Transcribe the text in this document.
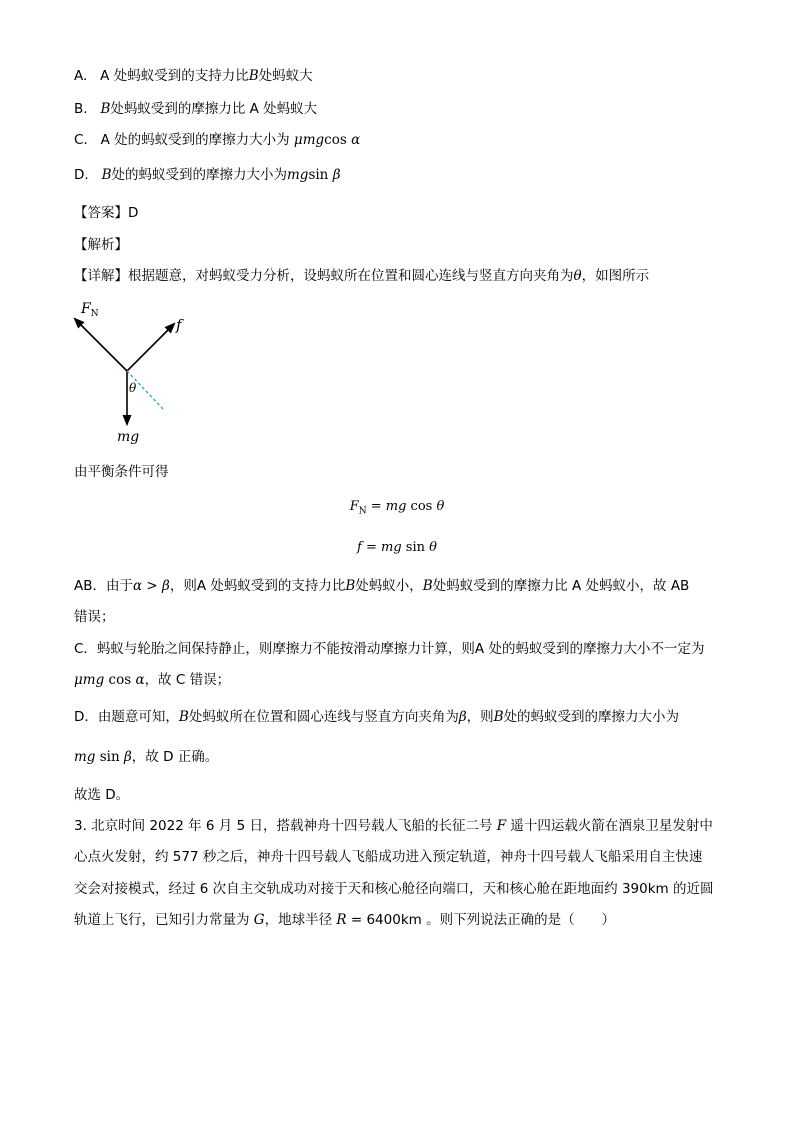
A. A 处蚂蚁受到的支持力比B处蚂蚁大
B. B处蚂蚁受到的摩擦力比 A 处蚂蚁大
C. A 处的蚂蚁受到的摩擦力大小为 μmgcos α
D. B处的蚂蚁受到的摩擦力大小为mgsin β
【答案】D
【解析】
【详解】根据题意，对蚂蚁受力分析，设蚂蚁所在位置和圆心连线与竖直方向夹角为θ，如图所示
$F_N$
f
θ
mg
由平衡条件可得
$F_N$ = mg cos θ
f = mg sin θ
AB．由于α > β，则A 处蚂蚁受到的支持力比B处蚂蚁小，B处蚂蚁受到的摩擦力比 A 处蚂蚁小，故 AB
错误；
C．蚂蚁与轮胎之间保持静止，则摩擦力不能按滑动摩擦力计算，则A 处的蚂蚁受到的摩擦力大小不一定为
μmg cos α，故 C 错误；
D．由题意可知，B处蚂蚁所在位置和圆心连线与竖直方向夹角为β，则B处的蚂蚁受到的摩擦力大小为
mg sin β，故 D 正确。
故选 D。
3. 北京时间 2022 年 6 月 5 日，搭载神舟十四号载人飞船的长征二号 F 遥十四运载火箭在酒泉卫星发射中
心点火发射，约 577 秒之后，神舟十四号载人飞船成功进入预定轨道，神舟十四号载人飞船采用自主快速
交会对接模式，经过 6 次自主交轨成功对接于天和核心舱径向端口，天和核心舱在距地面约 390km 的近圆
轨道上飞行，已知引力常量为 G，地球半径 R = 6400km 。则下列说法正确的是（　　）
